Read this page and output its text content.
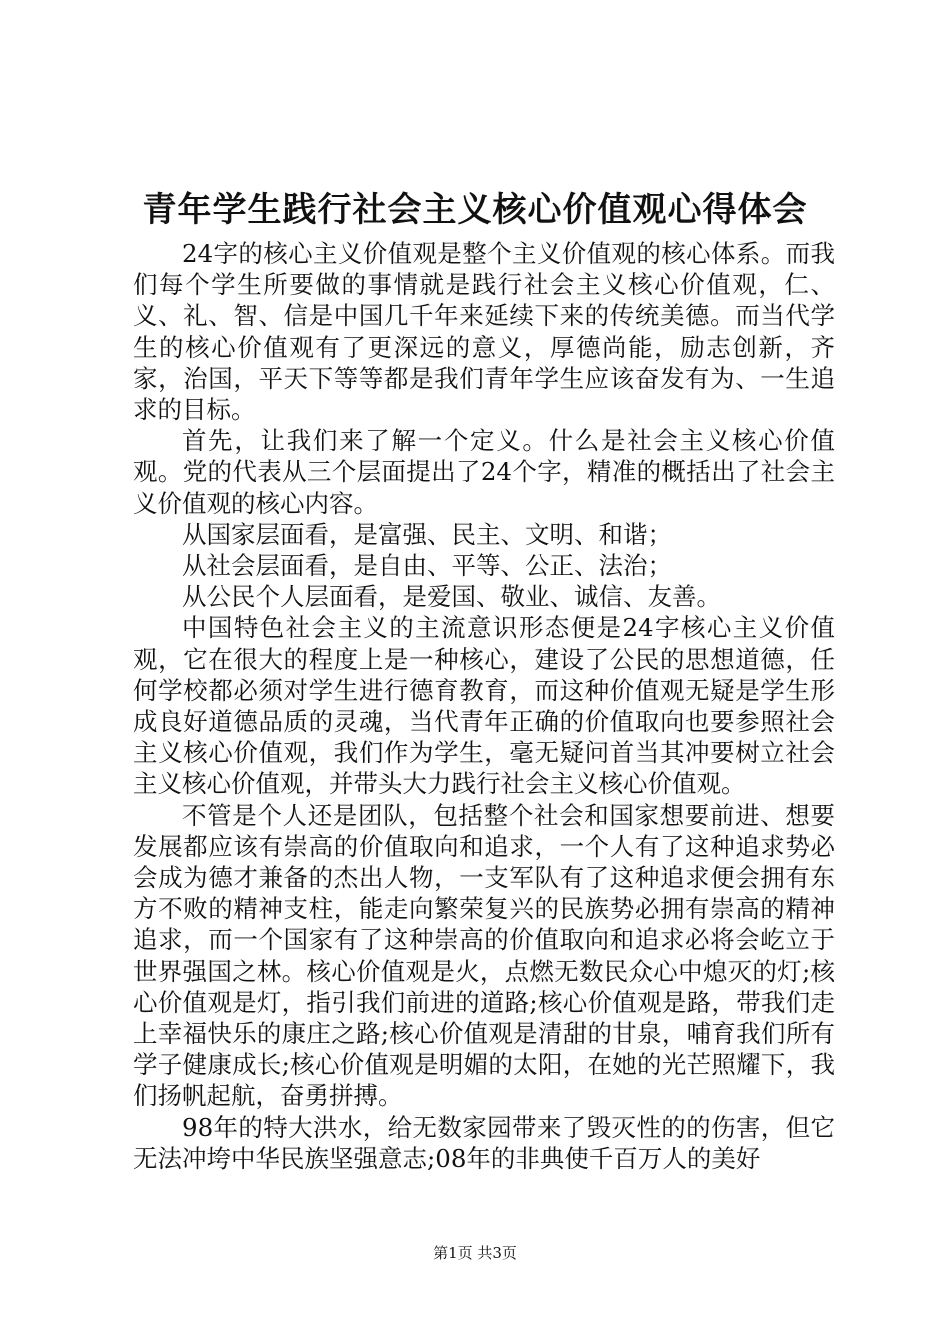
青年学生践行社会主义核心价值观心得体会

24字的核心主义价值观是整个主义价值观的核心体系。而我们每个学生所要做的事情就是践行社会主义核心价值观，仁、义、礼、智、信是中国几千年来延续下来的传统美德。而当代学生的核心价值观有了更深远的意义，厚德尚能，励志创新，齐家，治国，平天下等等都是我们青年学生应该奋发有为、一生追求的目标。

首先，让我们来了解一个定义。什么是社会主义核心价值观。党的代表从三个层面提出了24个字，精准的概括出了社会主义价值观的核心内容。

从国家层面看，是富强、民主、文明、和谐；

从社会层面看，是自由、平等、公正、法治；

从公民个人层面看，是爱国、敬业、诚信、友善。

中国特色社会主义的主流意识形态便是24字核心主义价值观，它在很大的程度上是一种核心，建设了公民的思想道德，任何学校都必须对学生进行德育教育，而这种价值观无疑是学生形成良好道德品质的灵魂，当代青年正确的价值取向也要参照社会主义核心价值观，我们作为学生，毫无疑问首当其冲要树立社会主义核心价值观，并带头大力践行社会主义核心价值观。

不管是个人还是团队，包括整个社会和国家想要前进、想要发展都应该有崇高的价值取向和追求，一个人有了这种追求势必会成为德才兼备的杰出人物，一支军队有了这种追求便会拥有东方不败的精神支柱，能走向繁荣复兴的民族势必拥有崇高的精神追求，而一个国家有了这种崇高的价值取向和追求必将会屹立于世界强国之林。核心价值观是火，点燃无数民众心中熄灭的灯;核心价值观是灯，指引我们前进的道路;核心价值观是路，带我们走上幸福快乐的康庄之路;核心价值观是清甜的甘泉，哺育我们所有学子健康成长;核心价值观是明媚的太阳，在她的光芒照耀下，我们扬帆起航，奋勇拼搏。

98年的特大洪水，给无数家园带来了毁灭性的的伤害，但它无法冲垮中华民族坚强意志;08年的非典使千百万人的美好

第1页 共3页
